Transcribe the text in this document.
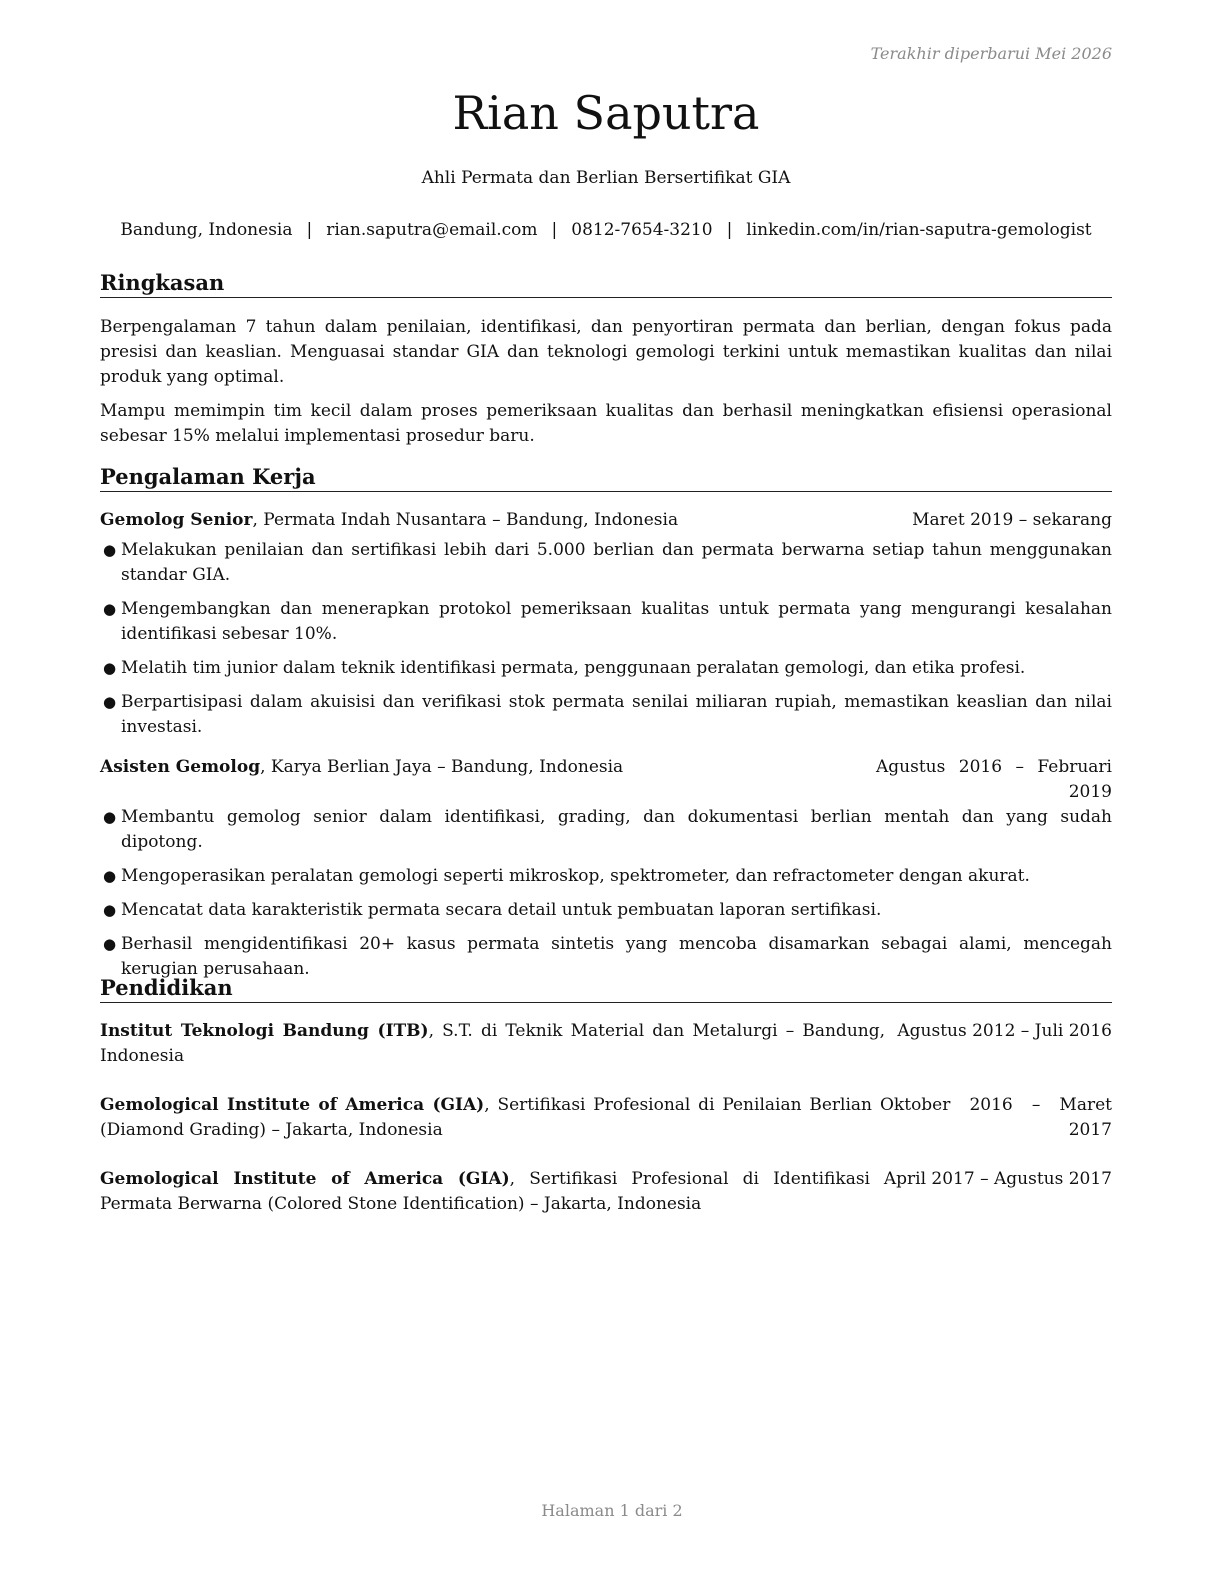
Terakhir diperbarui Mei 2026
Rian Saputra
Ahli Permata dan Berlian Bersertifikat GIA
Bandung, Indonesia | rian.saputra@email.com | 0812-7654-3210 | linkedin.com/in/rian-saputra-gemologist
Ringkasan

Berpengalaman 7 tahun dalam penilaian, identifikasi, dan penyortiran permata dan berlian, dengan fokus pada presisi dan keaslian. Menguasai standar GIA dan teknologi gemologi terkini untuk memastikan kualitas dan nilai produk yang optimal.

Mampu memimpin tim kecil dalam proses pemeriksaan kualitas dan berhasil meningkatkan efisiensi operasional sebesar 15% melalui implementasi prosedur baru.

Pengalaman Kerja
Gemolog Senior, Permata Indah Nusantara – Bandung, Indonesia	Maret 2019 – sekarang
● Melakukan penilaian dan sertifikasi lebih dari 5.000 berlian dan permata berwarna setiap tahun menggunakan standar GIA.
● Mengembangkan dan menerapkan protokol pemeriksaan kualitas untuk permata yang mengurangi kesalahan identifikasi sebesar 10%.
● Melatih tim junior dalam teknik identifikasi permata, penggunaan peralatan gemologi, dan etika profesi.
● Berpartisipasi dalam akuisisi dan verifikasi stok permata senilai miliaran rupiah, memastikan keaslian dan nilai investasi.
Asisten Gemolog, Karya Berlian Jaya – Bandung, Indonesia	Agustus 2016 – Februari 2019
● Membantu gemolog senior dalam identifikasi, grading, dan dokumentasi berlian mentah dan yang sudah dipotong.
● Mengoperasikan peralatan gemologi seperti mikroskop, spektrometer, dan refractometer dengan akurat.
● Mencatat data karakteristik permata secara detail untuk pembuatan laporan sertifikasi.
● Berhasil mengidentifikasi 20+ kasus permata sintetis yang mencoba disamarkan sebagai alami, mencegah kerugian perusahaan.
Pendidikan
Institut Teknologi Bandung (ITB), S.T. di Teknik Material dan Metalurgi – Bandung, Indonesia
Agustus 2012 – Juli 2016
Gemological Institute of America (GIA), Sertifikasi Profesional di Penilaian Berlian (Diamond Grading) – Jakarta, Indonesia
Oktober 2016 – Maret 2017
Gemological Institute of America (GIA), Sertifikasi Profesional di Identifikasi Permata Berwarna (Colored Stone Identification) – Jakarta, Indonesia
April 2017 – Agustus 2017
Halaman 1 dari 2
